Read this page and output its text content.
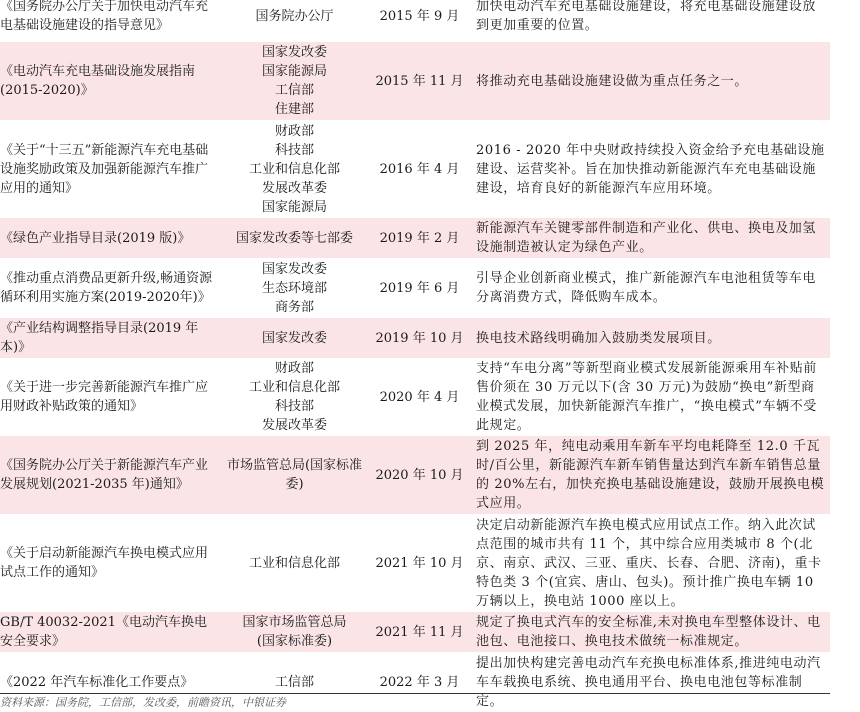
《国务院办公厅关于加快电动汽车充电基础设施建设的指导意见》	国务院办公厅	2015 年 9 月	加快电动汽车充电基础设施建设，将充电基础设施建设放到更加重要的位置。
《电动汽车充电基础设施发展指南(2015-2020)》	国家发改委
国家能源局
工信部
住建部	2015 年 11 月	将推动充电基础设施建设做为重点任务之一。
《关于“十三五”新能源汽车充电基础设施奖励政策及加强新能源汽车推广应用的通知》	财政部
科技部
工业和信息化部
发展改革委
国家能源局	2016 年 4 月	2016 - 2020 年中央财政持续投入资金给予充电基础设施建设、运营奖补。旨在加快推动新能源汽车充电基础设施建设，培育良好的新能源汽车应用环境。
《绿色产业指导目录(2019 版)》	国家发改委等七部委	2019 年 2 月	新能源汽车关键零部件制造和产业化、供电、换电及加氢设施制造被认定为绿色产业。
《推动重点消费品更新升级,畅通资源循环利用实施方案(2019-2020年)》	国家发改委
生态环境部
商务部	2019 年 6 月	引导企业创新商业模式，推广新能源汽车电池租赁等车电分离消费方式，降低购车成本。
《产业结构调整指导目录(2019 年本)》	国家发改委	2019 年 10 月	换电技术路线明确加入鼓励类发展项目。
《关于进一步完善新能源汽车推广应用财政补贴政策的通知》	财政部
工业和信息化部
科技部
发展改革委	2020 年 4 月	支持“车电分离”等新型商业模式发展新能源乘用车补贴前售价须在 30 万元以下(含 30 万元)为鼓励“换电”新型商业模式发展，加快新能源汽车推广，“换电模式”车辆不受此规定。
《国务院办公厅关于新能源汽车产业发展规划(2021-2035 年)通知》	市场监管总局(国家标准委)	2020 年 10 月	到 2025 年，纯电动乘用车新车平均电耗降至 12.0 千瓦时/百公里，新能源汽车新车销售量达到汽车新车销售总量的 20%左右，加快充换电基础设施建设，鼓励开展换电模式应用。
《关于启动新能源汽车换电模式应用试点工作的通知》	工业和信息化部	2021 年 10 月	决定启动新能源汽车换电模式应用试点工作。纳入此次试点范围的城市共有 11 个，其中综合应用类城市 8 个(北京、南京、武汉、三亚、重庆、长春、合肥、济南)，重卡特色类 3 个(宜宾、唐山、包头)。预计推广换电车辆 10 万辆以上，换电站 1000 座以上。
GB/T 40032-2021《电动汽车换电安全要求》	国家市场监管总局
(国家标准委)	2021 年 11 月	规定了换电式汽车的安全标准,未对换电车型整体设计、电池包、电池接口、换电技术做统一标准规定。
《2022 年汽车标准化工作要点》	工信部	2022 年 3 月	提出加快构建完善电动汽车充换电标准体系,推进纯电动汽车车载换电系统、换电通用平台、换电电池包等标准制定。
资料来源：国务院，工信部，发改委，前瞻资讯，中银证券
